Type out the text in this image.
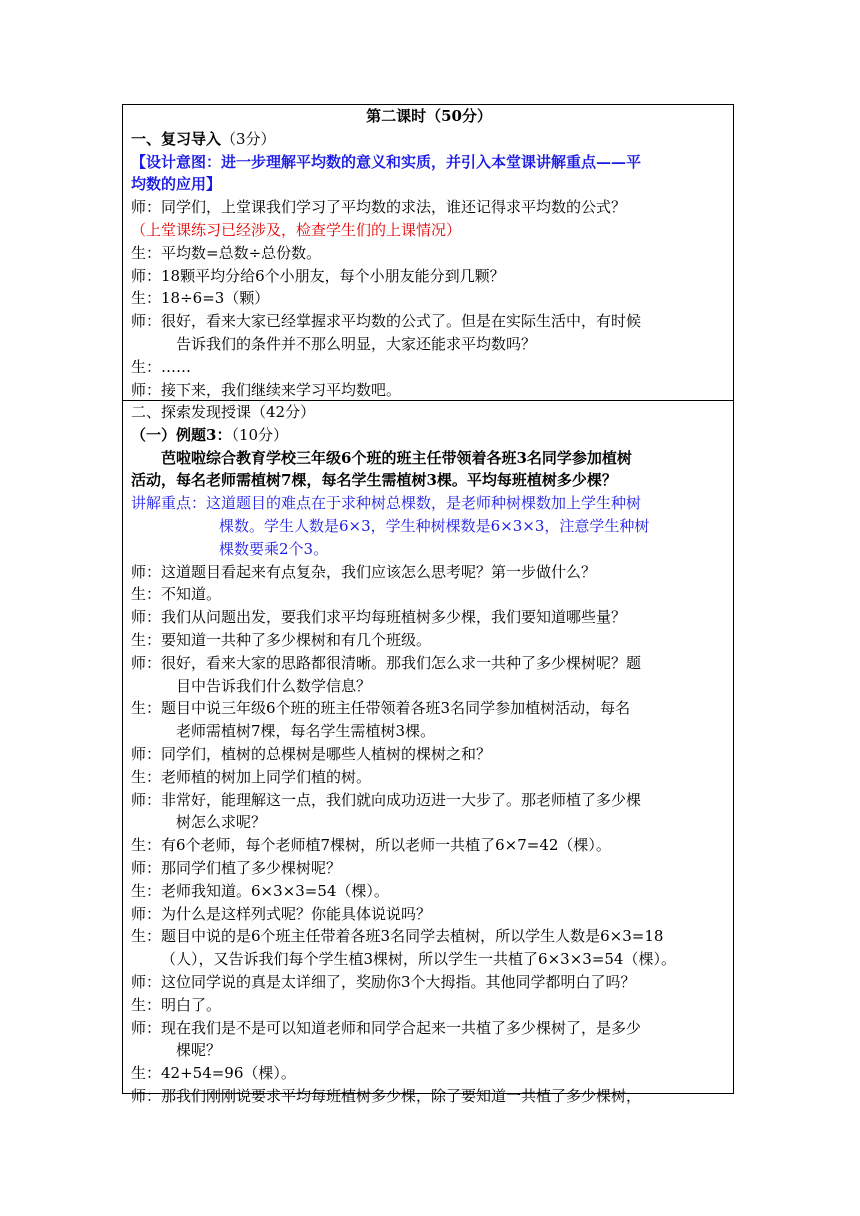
第二课时（50分）
一、复习导入（3分）
【设计意图：进一步理解平均数的意义和实质，并引入本堂课讲解重点——平
均数的应用】
师：同学们，上堂课我们学习了平均数的求法，谁还记得求平均数的公式？
（上堂课练习已经涉及，检查学生们的上课情况）
生：平均数=总数÷总份数。
师：18颗平均分给6个小朋友，每个小朋友能分到几颗？
生：18÷6=3（颗）
师：很好，看来大家已经掌握求平均数的公式了。但是在实际生活中，有时候
告诉我们的条件并不那么明显，大家还能求平均数吗？
生：……
师：接下来，我们继续来学习平均数吧。
二、探索发现授课（42分）
（一）例题3：（10分）
芭啦啦综合教育学校三年级6个班的班主任带领着各班3名同学参加植树
活动，每名老师需植树7棵，每名学生需植树3棵。平均每班植树多少棵？
讲解重点：这道题目的难点在于求种树总棵数，是老师种树棵数加上学生种树
棵数。学生人数是6×3，学生种树棵数是6×3×3，注意学生种树
棵数要乘2个3。
师：这道题目看起来有点复杂，我们应该怎么思考呢？第一步做什么？
生：不知道。
师：我们从问题出发，要我们求平均每班植树多少棵，我们要知道哪些量？
生：要知道一共种了多少棵树和有几个班级。
师：很好，看来大家的思路都很清晰。那我们怎么求一共种了多少棵树呢？题
目中告诉我们什么数学信息？
生：题目中说三年级6个班的班主任带领着各班3名同学参加植树活动，每名
老师需植树7棵，每名学生需植树3棵。
师：同学们，植树的总棵树是哪些人植树的棵树之和？
生：老师植的树加上同学们植的树。
师：非常好，能理解这一点，我们就向成功迈进一大步了。那老师植了多少棵
树怎么求呢？
生：有6个老师，每个老师植7棵树，所以老师一共植了6×7=42（棵）。
师：那同学们植了多少棵树呢？
生：老师我知道。6×3×3=54（棵）。
师：为什么是这样列式呢？你能具体说说吗？
生：题目中说的是6个班主任带着各班3名同学去植树，所以学生人数是6×3=18
（人），又告诉我们每个学生植3棵树，所以学生一共植了6×3×3=54（棵）。
师：这位同学说的真是太详细了，奖励你3个大拇指。其他同学都明白了吗？
生：明白了。
师：现在我们是不是可以知道老师和同学合起来一共植了多少棵树了，是多少
棵呢？
生：42+54=96（棵）。
师：那我们刚刚说要求平均每班植树多少棵，除了要知道一共植了多少棵树，
